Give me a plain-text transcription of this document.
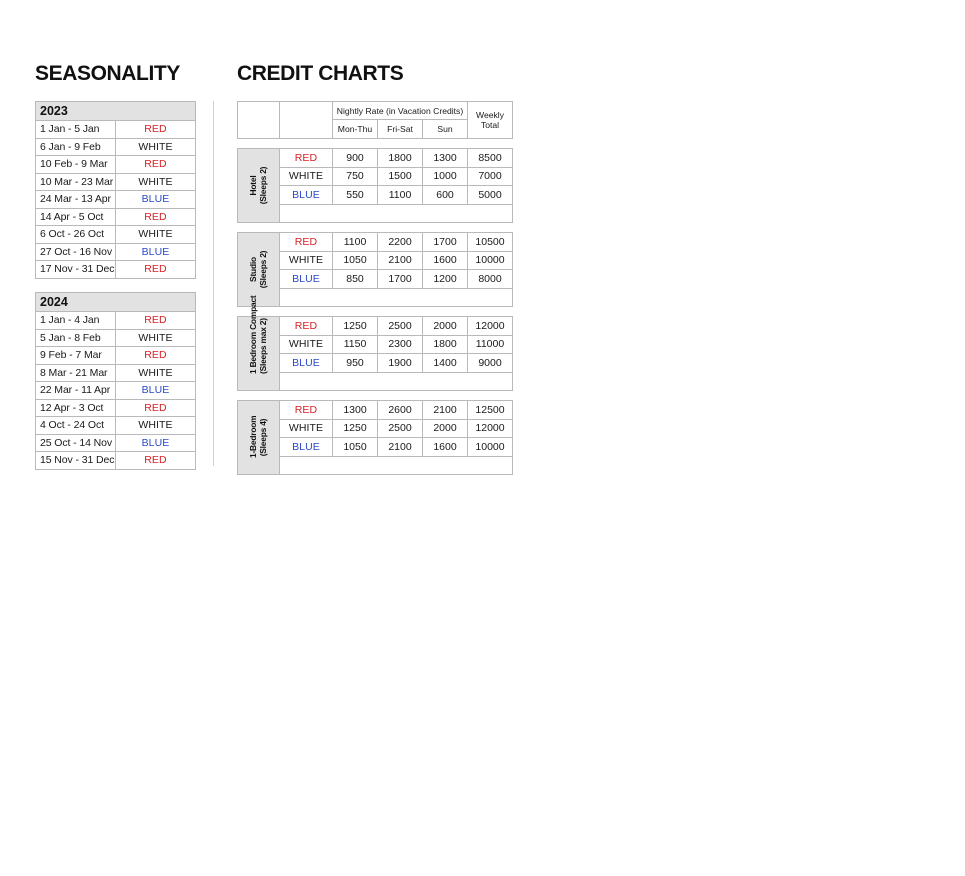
SEASONALITY	CREDIT CHARTS
2023	
1 Jan - 5 Jan	RED
6 Jan - 9 Feb	WHITE
10 Feb - 9 Mar	RED
10 Mar - 23 Mar	WHITE
24 Mar - 13 Apr	BLUE
14 Apr - 5 Oct	RED
6 Oct - 26 Oct	WHITE
27 Oct - 16 Nov	BLUE
17 Nov - 31 Dec	RED
2024	
1 Jan - 4 Jan	RED
5 Jan - 8 Feb	WHITE
9 Feb - 7 Mar	RED
8 Mar - 21 Mar	WHITE
22 Mar - 11 Apr	BLUE
12 Apr - 3 Oct	RED
4 Oct - 24 Oct	WHITE
25 Oct - 14 Nov	BLUE
15 Nov - 31 Dec	RED
		Nightly Rate (in Vacation Credits)			Weekly
Total
		Mon-Thu	Fri-Sat	Sun	
Hotel
(Sleeps 2)	RED	900	1800	1300	8500
	WHITE	750	1500	1000	7000
	BLUE	550	1100	600	5000

Studio
(Sleeps 2)	RED	1100	2200	1700	10500
	WHITE	1050	2100	1600	10000
	BLUE	850	1700	1200	8000

1 Bedroom Compact
(Sleeps max 2)	RED	1250	2500	2000	12000
	WHITE	1150	2300	1800	11000
	BLUE	950	1900	1400	9000

1-Bedroom
(Sleeps 4)	RED	1300	2600	2100	12500
	WHITE	1250	2500	2000	12000
	BLUE	1050	2100	1600	10000
